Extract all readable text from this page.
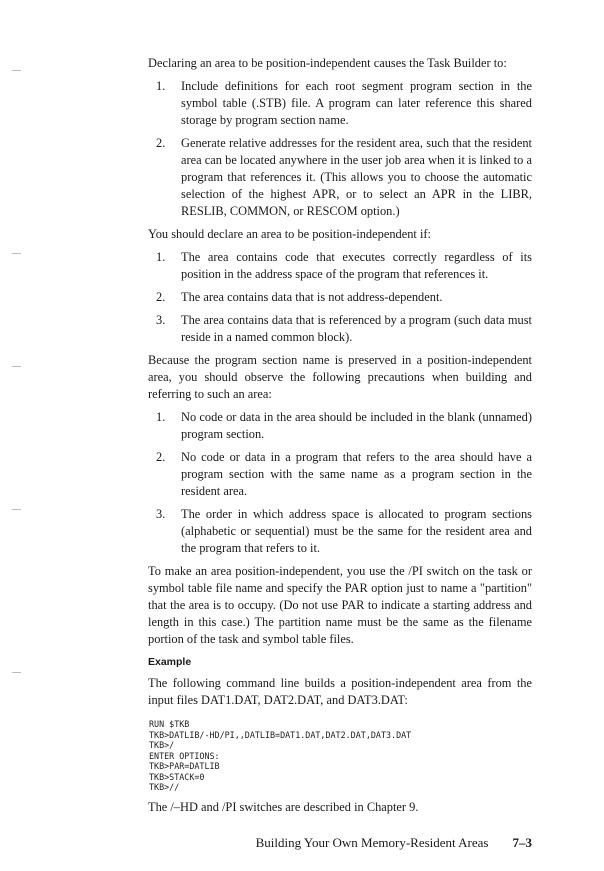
Declaring an area to be position-independent causes the Task Builder to:

1.	Include definitions for each root segment program section in the symbol table (.STB) file. A program can later reference this shared storage by program section name.
2.	Generate relative addresses for the resident area, such that the resident area can be located anywhere in the user job area when it is linked to a program that references it. (This allows you to choose the automatic selection of the highest APR, or to select an APR in the LIBR, RESLIB, COMMON, or RESCOM option.)

You should declare an area to be position-independent if:

1.	The area contains code that executes correctly regardless of its position in the address space of the program that references it.
2.	The area contains data that is not address-dependent.
3.	The area contains data that is referenced by a program (such data must reside in a named common block).

Because the program section name is preserved in a position-independent area, you should observe the following precautions when building and referring to such an area:

1.	No code or data in the area should be included in the blank (unnamed) program section.
2.	No code or data in a program that refers to the area should have a program section with the same name as a program section in the resident area.
3.	The order in which address space is allocated to program sections (alphabetic or sequential) must be the same for the resident area and the program that refers to it.

To make an area position-independent, you use the /PI switch on the task or symbol table file name and specify the PAR option just to name a "partition" that the area is to occupy. (Do not use PAR to indicate a starting address and length in this case.) The partition name must be the same as the filename portion of the task and symbol table files.

Example

The following command line builds a position-independent area from the input files DAT1.DAT, DAT2.DAT, and DAT3.DAT:

RUN $TKB
TKB>DATLIB/-HD/PI,,DATLIB=DAT1.DAT,DAT2.DAT,DAT3.DAT
TKB>/
ENTER OPTIONS:
TKB>PAR=DATLIB
TKB>STACK=0
TKB>//

The /–HD and /PI switches are described in Chapter 9.

Building Your Own Memory-Resident Areas 7–3
